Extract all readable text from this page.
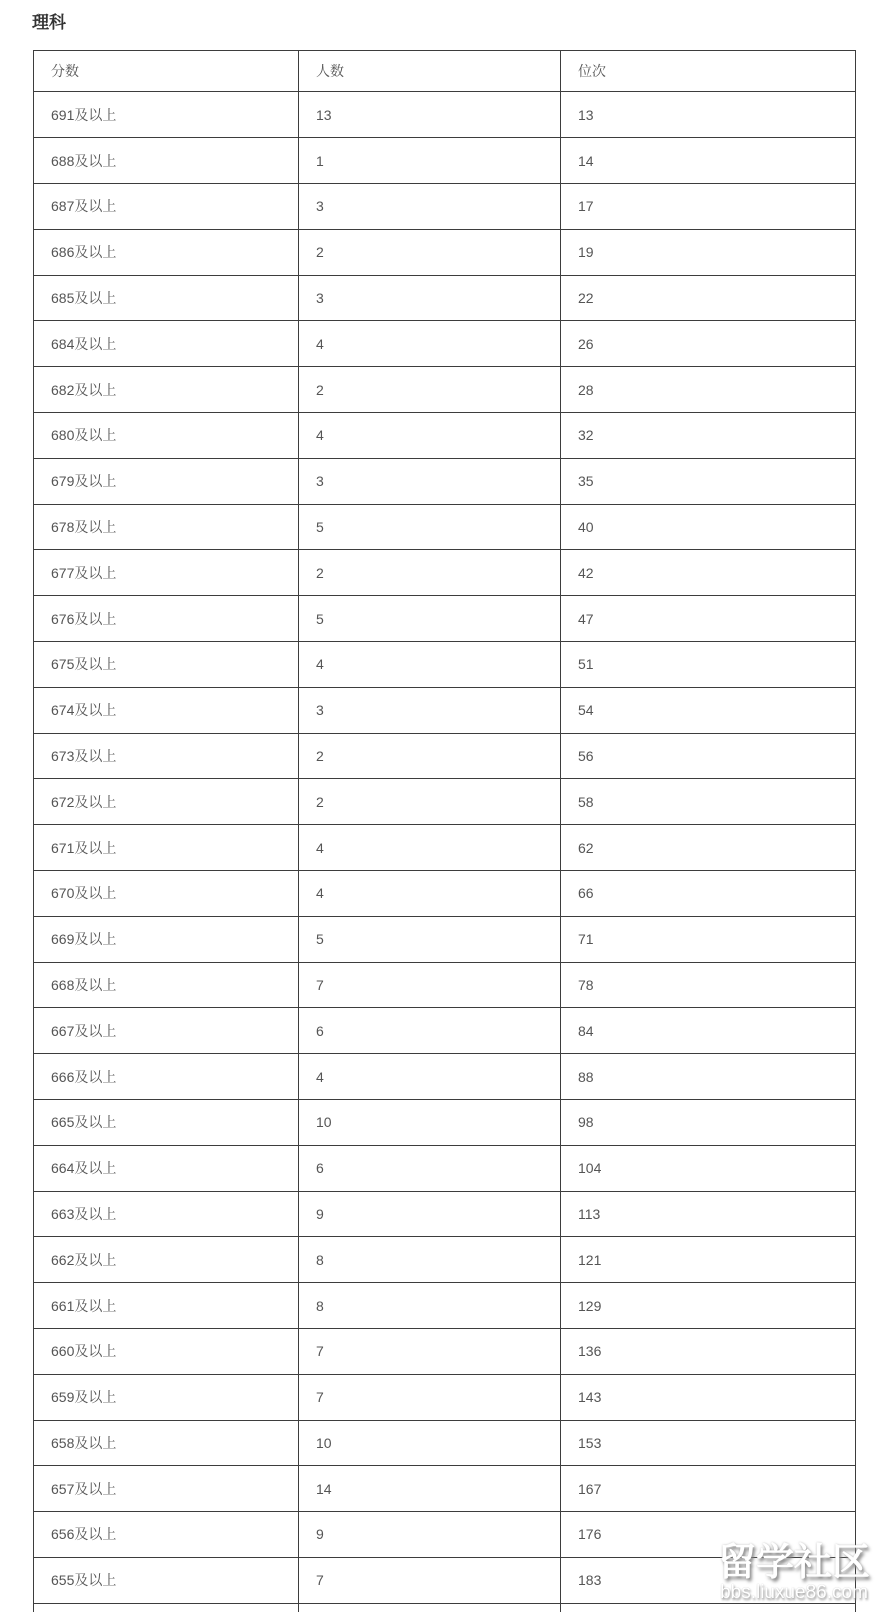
理科
分数	人数	位次
691及以上	13	13
688及以上	1	14
687及以上	3	17
686及以上	2	19
685及以上	3	22
684及以上	4	26
682及以上	2	28
680及以上	4	32
679及以上	3	35
678及以上	5	40
677及以上	2	42
676及以上	5	47
675及以上	4	51
674及以上	3	54
673及以上	2	56
672及以上	2	58
671及以上	4	62
670及以上	4	66
669及以上	5	71
668及以上	7	78
667及以上	6	84
666及以上	4	88
665及以上	10	98
664及以上	6	104
663及以上	9	113
662及以上	8	121
661及以上	8	129
660及以上	7	136
659及以上	7	143
658及以上	10	153
657及以上	14	167
656及以上	9	176
655及以上	7	183
			留学社区
bbs.liuxue86.com
